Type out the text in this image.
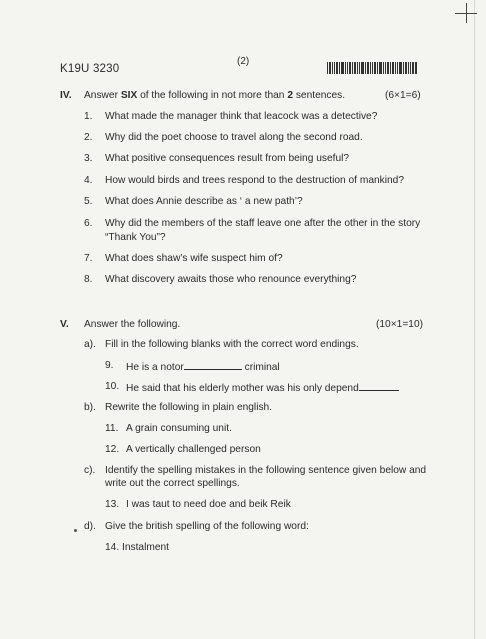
(2)
K19U 3230
IV. Answer SIX of the following in not more than 2 sentences.	(6×1=6)
1. What made the manager think that leacock was a detective?
2. Why did the poet choose to travel along the second road.
3. What positive consequences result from being useful?
4. How would birds and trees respond to the destruction of mankind?
5. What does Annie describe as ‘ a new path’?
6. Why did the members of the staff leave one after the other in the story
“Thank You”?
7. What does shaw’s wife suspect him of?
8. What discovery awaits those who renounce everything?
V. Answer the following.	(10×1=10)
a). Fill in the following blanks with the correct word endings.
9. He is a notor	criminal
10. He said that his elderly mother was his only depend
b). Rewrite the following in plain english.
11. A grain consuming unit.
12. A vertically challenged person
c). Identify the spelling mistakes in the following sentence given below and
write out the correct spellings.
13. I was taut to need doe and beik Reik
d). Give the british spelling of the following word:
14. Instalment
